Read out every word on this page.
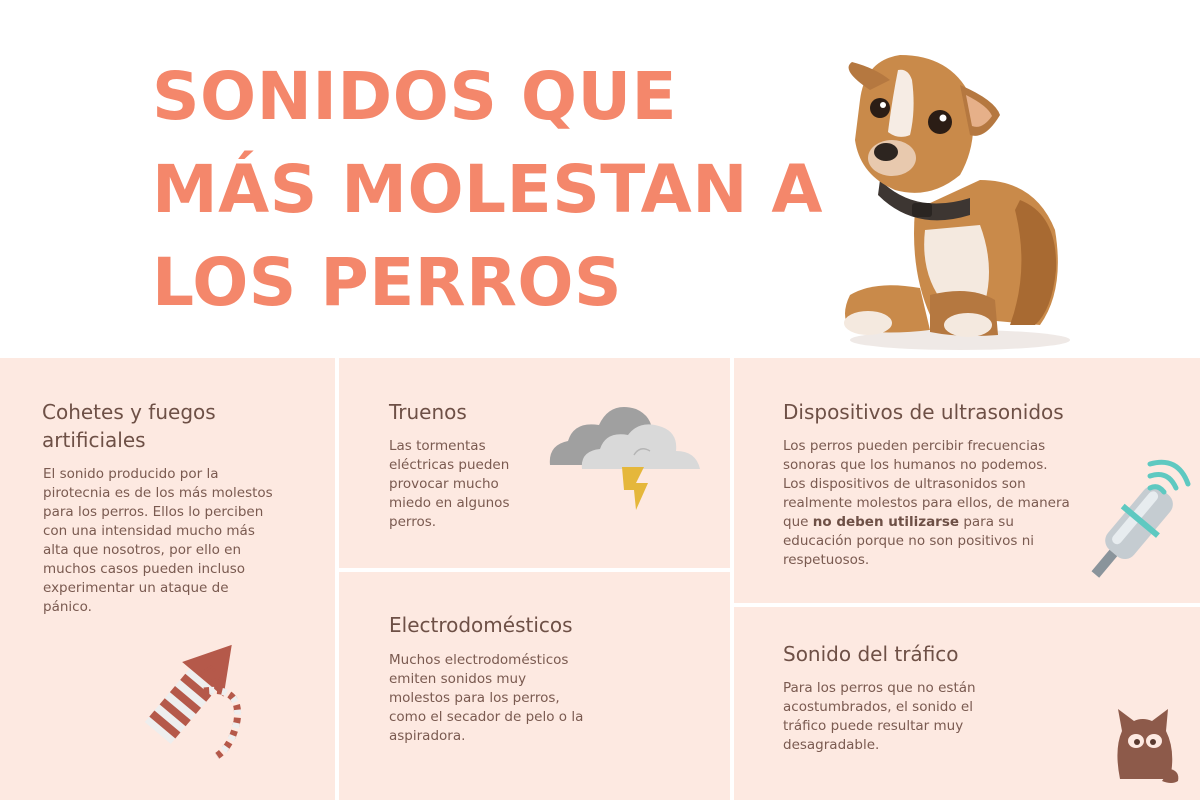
SONIDOS QUE
MÁS MOLESTAN A
LOS PERROS
Cohetes y fuegos artificiales

El sonido producido por la pirotecnia es de los más molestos para los perros. Ellos lo perciben con una intensidad mucho más alta que nosotros, por ello en muchos casos pueden incluso experimentar un ataque de pánico.

Truenos

Las tormentas eléctricas pueden provocar mucho miedo en algunos perros.

Electrodomésticos

Muchos electrodomésticos emiten sonidos muy molestos para los perros, como el secador de pelo o la aspiradora.

Dispositivos de ultrasonidos

Los perros pueden percibir frecuencias sonoras que los humanos no podemos. Los dispositivos de ultrasonidos son realmente molestos para ellos, de manera que no deben utilizarse para su educación porque no son positivos ni respetuosos.

Sonido del tráfico

Para los perros que no están acostumbrados, el sonido el tráfico puede resultar muy desagradable.
